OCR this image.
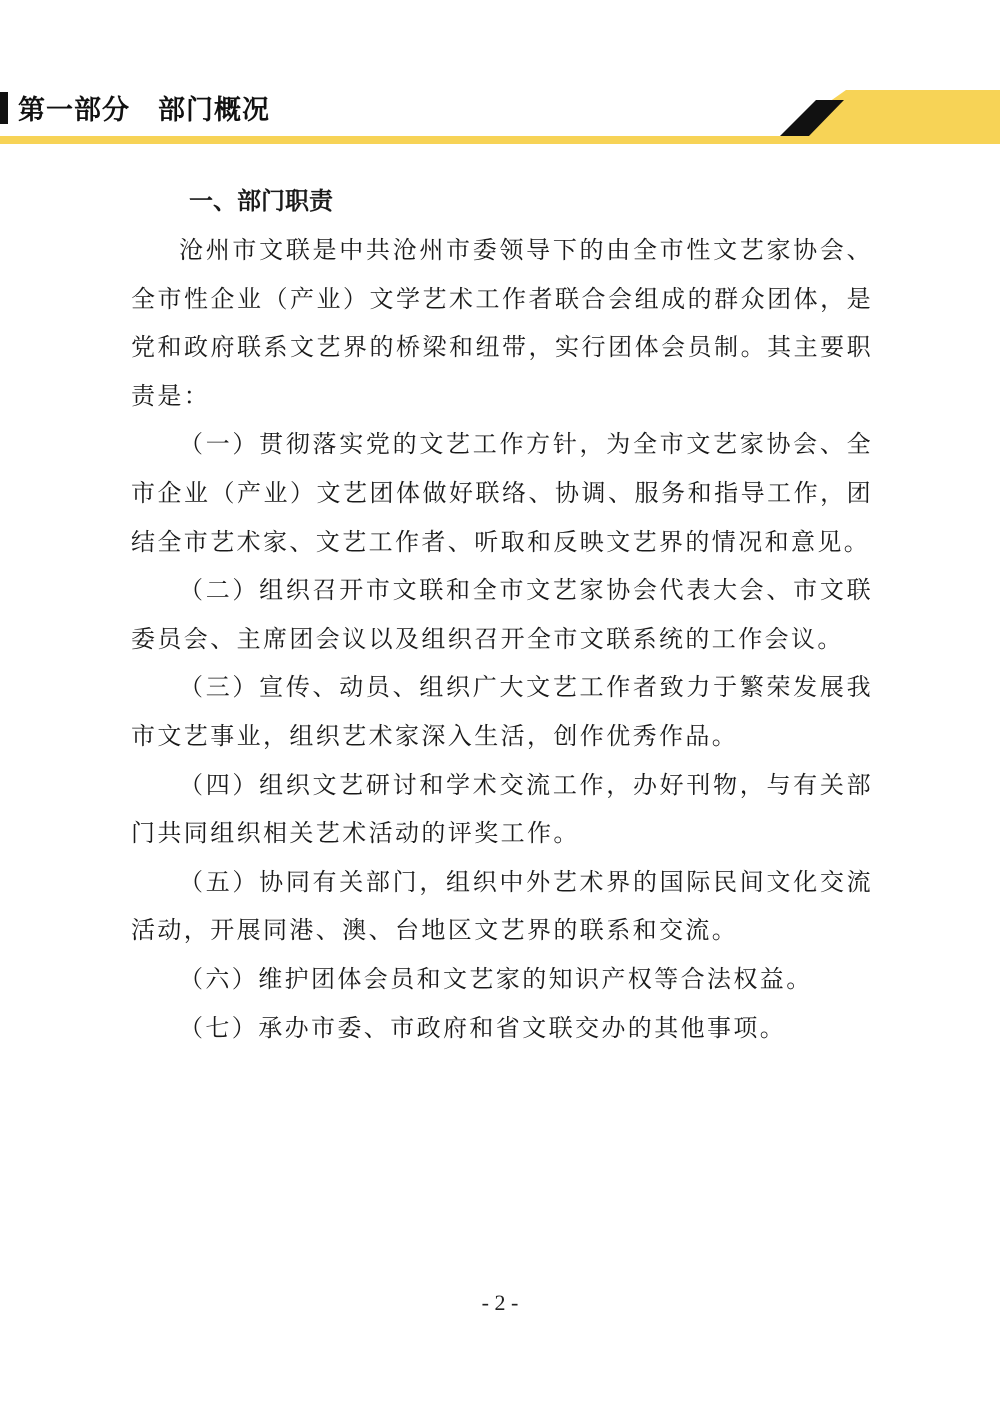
第一部分　部门概况
一、部门职责

沧州市文联是中共沧州市委领导下的由全市性文艺家协会、全市性企业（产业）文学艺术工作者联合会组成的群众团体，是党和政府联系文艺界的桥梁和纽带，实行团体会员制。其主要职责是：

（一）贯彻落实党的文艺工作方针，为全市文艺家协会、全市企业（产业）文艺团体做好联络、协调、服务和指导工作，团结全市艺术家、文艺工作者、听取和反映文艺界的情况和意见。

（二）组织召开市文联和全市文艺家协会代表大会、市文联委员会、主席团会议以及组织召开全市文联系统的工作会议。

（三）宣传、动员、组织广大文艺工作者致力于繁荣发展我市文艺事业，组织艺术家深入生活，创作优秀作品。

（四）组织文艺研讨和学术交流工作，办好刊物，与有关部门共同组织相关艺术活动的评奖工作。

（五）协同有关部门，组织中外艺术界的国际民间文化交流活动，开展同港、澳、台地区文艺界的联系和交流。

（六）维护团体会员和文艺家的知识产权等合法权益。

（七）承办市委、市政府和省文联交办的其他事项。

- 2 -
